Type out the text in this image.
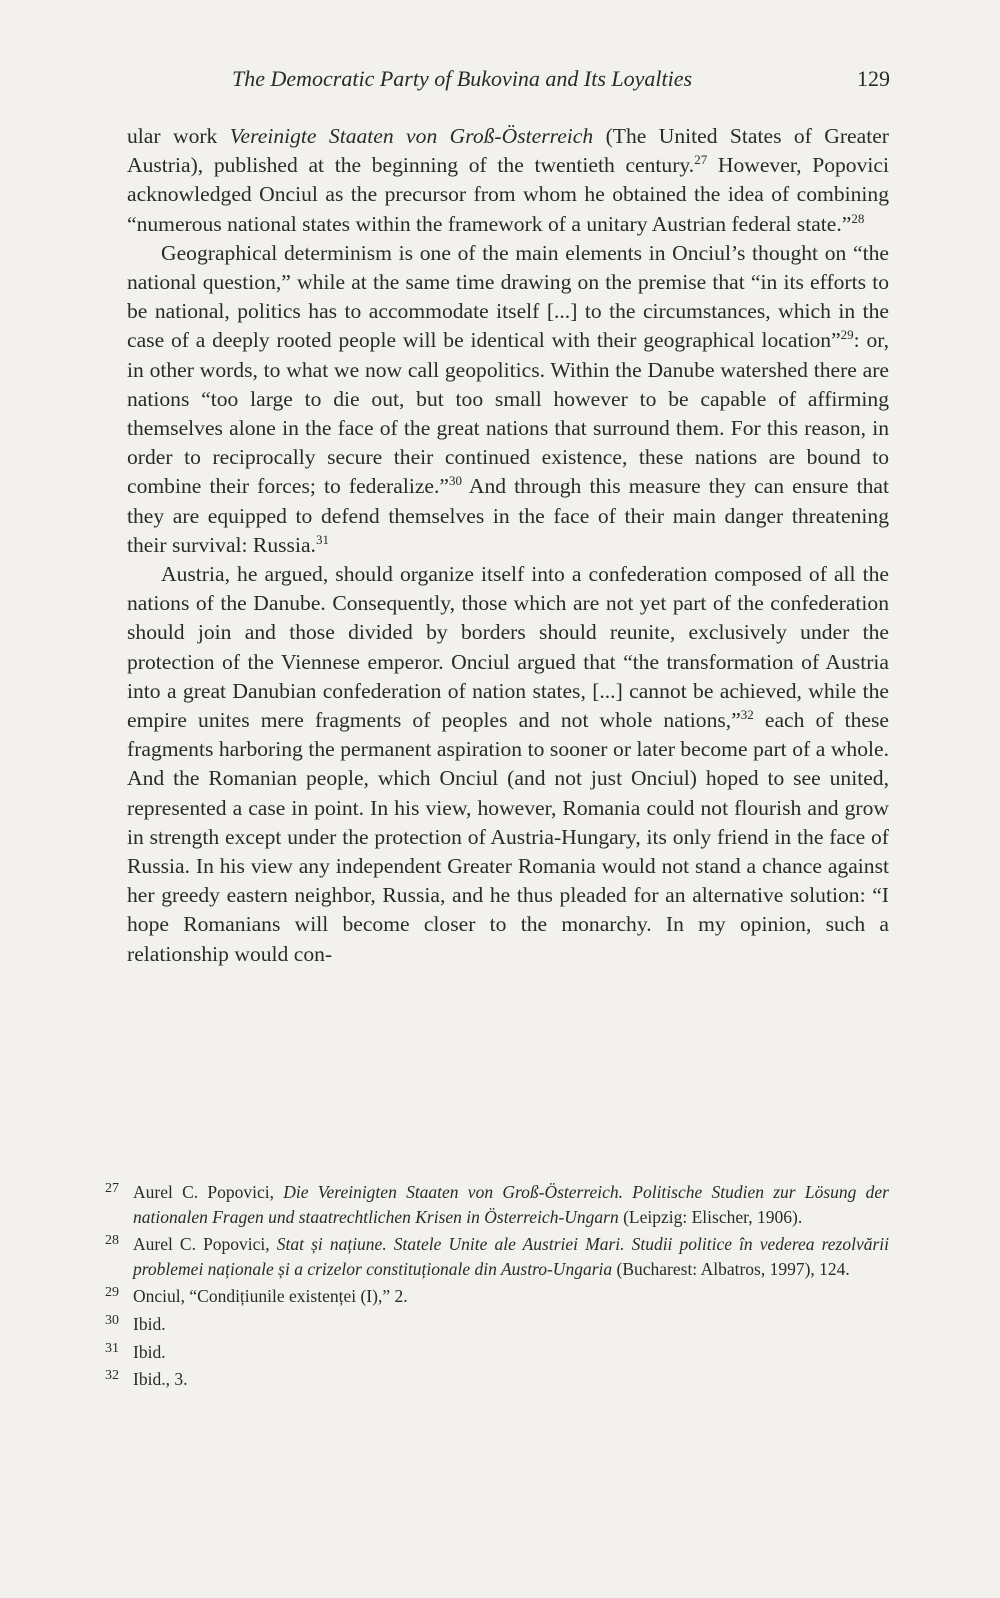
The Democratic Party of Bukovina and Its Loyalties	129

ular work Vereinigte Staaten von Groß-Österreich (The United States of Greater Austria), published at the beginning of the twentieth century.$^{27}$ However, Popovici acknowledged Onciul as the precursor from whom he obtained the idea of combining “numerous national states within the framework of a unitary Austrian federal state.”$^{28}$

Geographical determinism is one of the main elements in Onciul’s thought on “the national question,” while at the same time drawing on the premise that “in its efforts to be national, politics has to accommodate itself [...] to the circumstances, which in the case of a deeply rooted people will be identical with their geographical location”$^{29}$: or, in other words, to what we now call geopolitics. Within the Danube watershed there are nations “too large to die out, but too small however to be capable of affirming themselves alone in the face of the great nations that surround them. For this reason, in order to reciprocally secure their continued existence, these nations are bound to combine their forces; to federalize.”$^{30}$ And through this measure they can ensure that they are equipped to defend themselves in the face of their main danger threatening their survival: Russia.$^{31}$

Austria, he argued, should organize itself into a confederation composed of all the nations of the Danube. Consequently, those which are not yet part of the confederation should join and those divided by borders should reunite, exclusively under the protection of the Viennese emperor. Onciul argued that “the transformation of Austria into a great Danubian confederation of nation states, [...] cannot be achieved, while the empire unites mere fragments of peoples and not whole nations,”$^{32}$ each of these fragments harboring the permanent aspiration to sooner or later become part of a whole. And the Romanian people, which Onciul (and not just Onciul) hoped to see united, represented a case in point. In his view, however, Romania could not flourish and grow in strength except under the protection of Austria-Hungary, its only friend in the face of Russia. In his view any independent Greater Romania would not stand a chance against her greedy eastern neighbor, Russia, and he thus pleaded for an alternative solution: “I hope Romanians will become closer to the monarchy. In my opinion, such a relationship would con-

27 Aurel C. Popovici, Die Vereinigten Staaten von Groß-Österreich. Politische Studien zur Lösung der nationalen Fragen und staatrechtlichen Krisen in Österreich-Ungarn (Leipzig: Elischer, 1906).
28 Aurel C. Popovici, Stat și națiune. Statele Unite ale Austriei Mari. Studii politice în vederea rezolvării problemei naționale și a crizelor constituționale din Austro-Ungaria (Bucharest: Albatros, 1997), 124.
29 Onciul, “Condițiunile existenței (I),” 2.
30 Ibid.
31 Ibid.
32 Ibid., 3.
